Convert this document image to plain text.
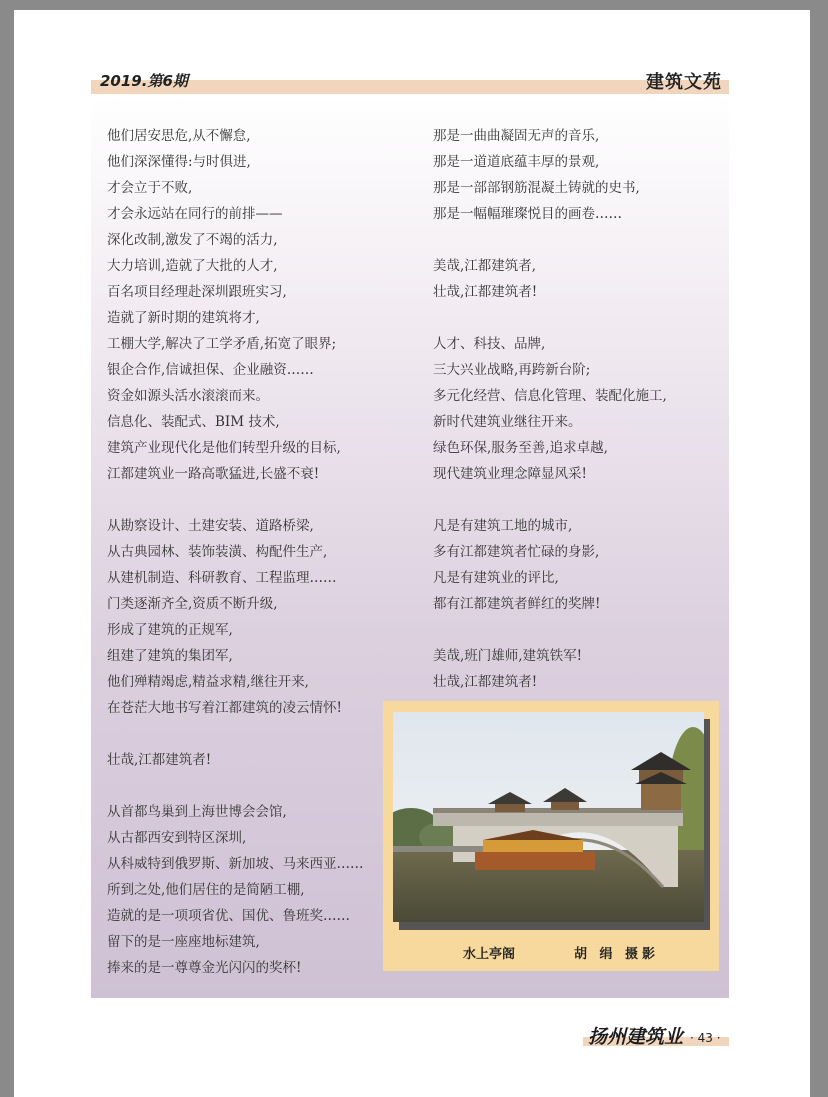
2019.第6期	建筑文苑
他们居安思危,从不懈怠,
他们深深懂得:与时俱进,
才会立于不败,
才会永远站在同行的前排——
深化改制,激发了不竭的活力,
大力培训,造就了大批的人才,
百名项目经理赴深圳跟班实习,
造就了新时期的建筑将才,
工棚大学,解决了工学矛盾,拓宽了眼界;
银企合作,信诚担保、企业融资……
资金如源头活水滚滚而来。
信息化、装配式、BIM 技术,
建筑产业现代化是他们转型升级的目标,
江都建筑业一路高歌猛进,长盛不衰!
从勘察设计、土建安装、道路桥梁,
从古典园林、装饰装潢、构配件生产,
从建机制造、科研教育、工程监理……
门类逐渐齐全,资质不断升级,
形成了建筑的正规军,
组建了建筑的集团军,
他们殚精竭虑,精益求精,继往开来,
在苍茫大地书写着江都建筑的凌云情怀!
壮哉,江都建筑者!
从首都鸟巢到上海世博会会馆,
从古都西安到特区深圳,
从科威特到俄罗斯、新加坡、马来西亚……
所到之处,他们居住的是简陋工棚,
造就的是一项项省优、国优、鲁班奖……
留下的是一座座地标建筑,
捧来的是一尊尊金光闪闪的奖杯!
那是一曲曲凝固无声的音乐,
那是一道道底蕴丰厚的景观,
那是一部部钢筋混凝土铸就的史书,
那是一幅幅璀璨悦目的画卷……
美哉,江都建筑者,
壮哉,江都建筑者!
人才、科技、品牌,
三大兴业战略,再跨新台阶;
多元化经营、信息化管理、装配化施工,
新时代建筑业继往开来。
绿色环保,服务至善,追求卓越,
现代建筑业理念障显风采!
凡是有建筑工地的城市,
多有江都建筑者忙碌的身影,
凡是有建筑业的评比,
都有江都建筑者鲜红的奖牌!
美哉,班门雄师,建筑铁军!
壮哉,江都建筑者!
水上亭阁	胡 绢 摄影
扬州建筑业 · 43 ·
